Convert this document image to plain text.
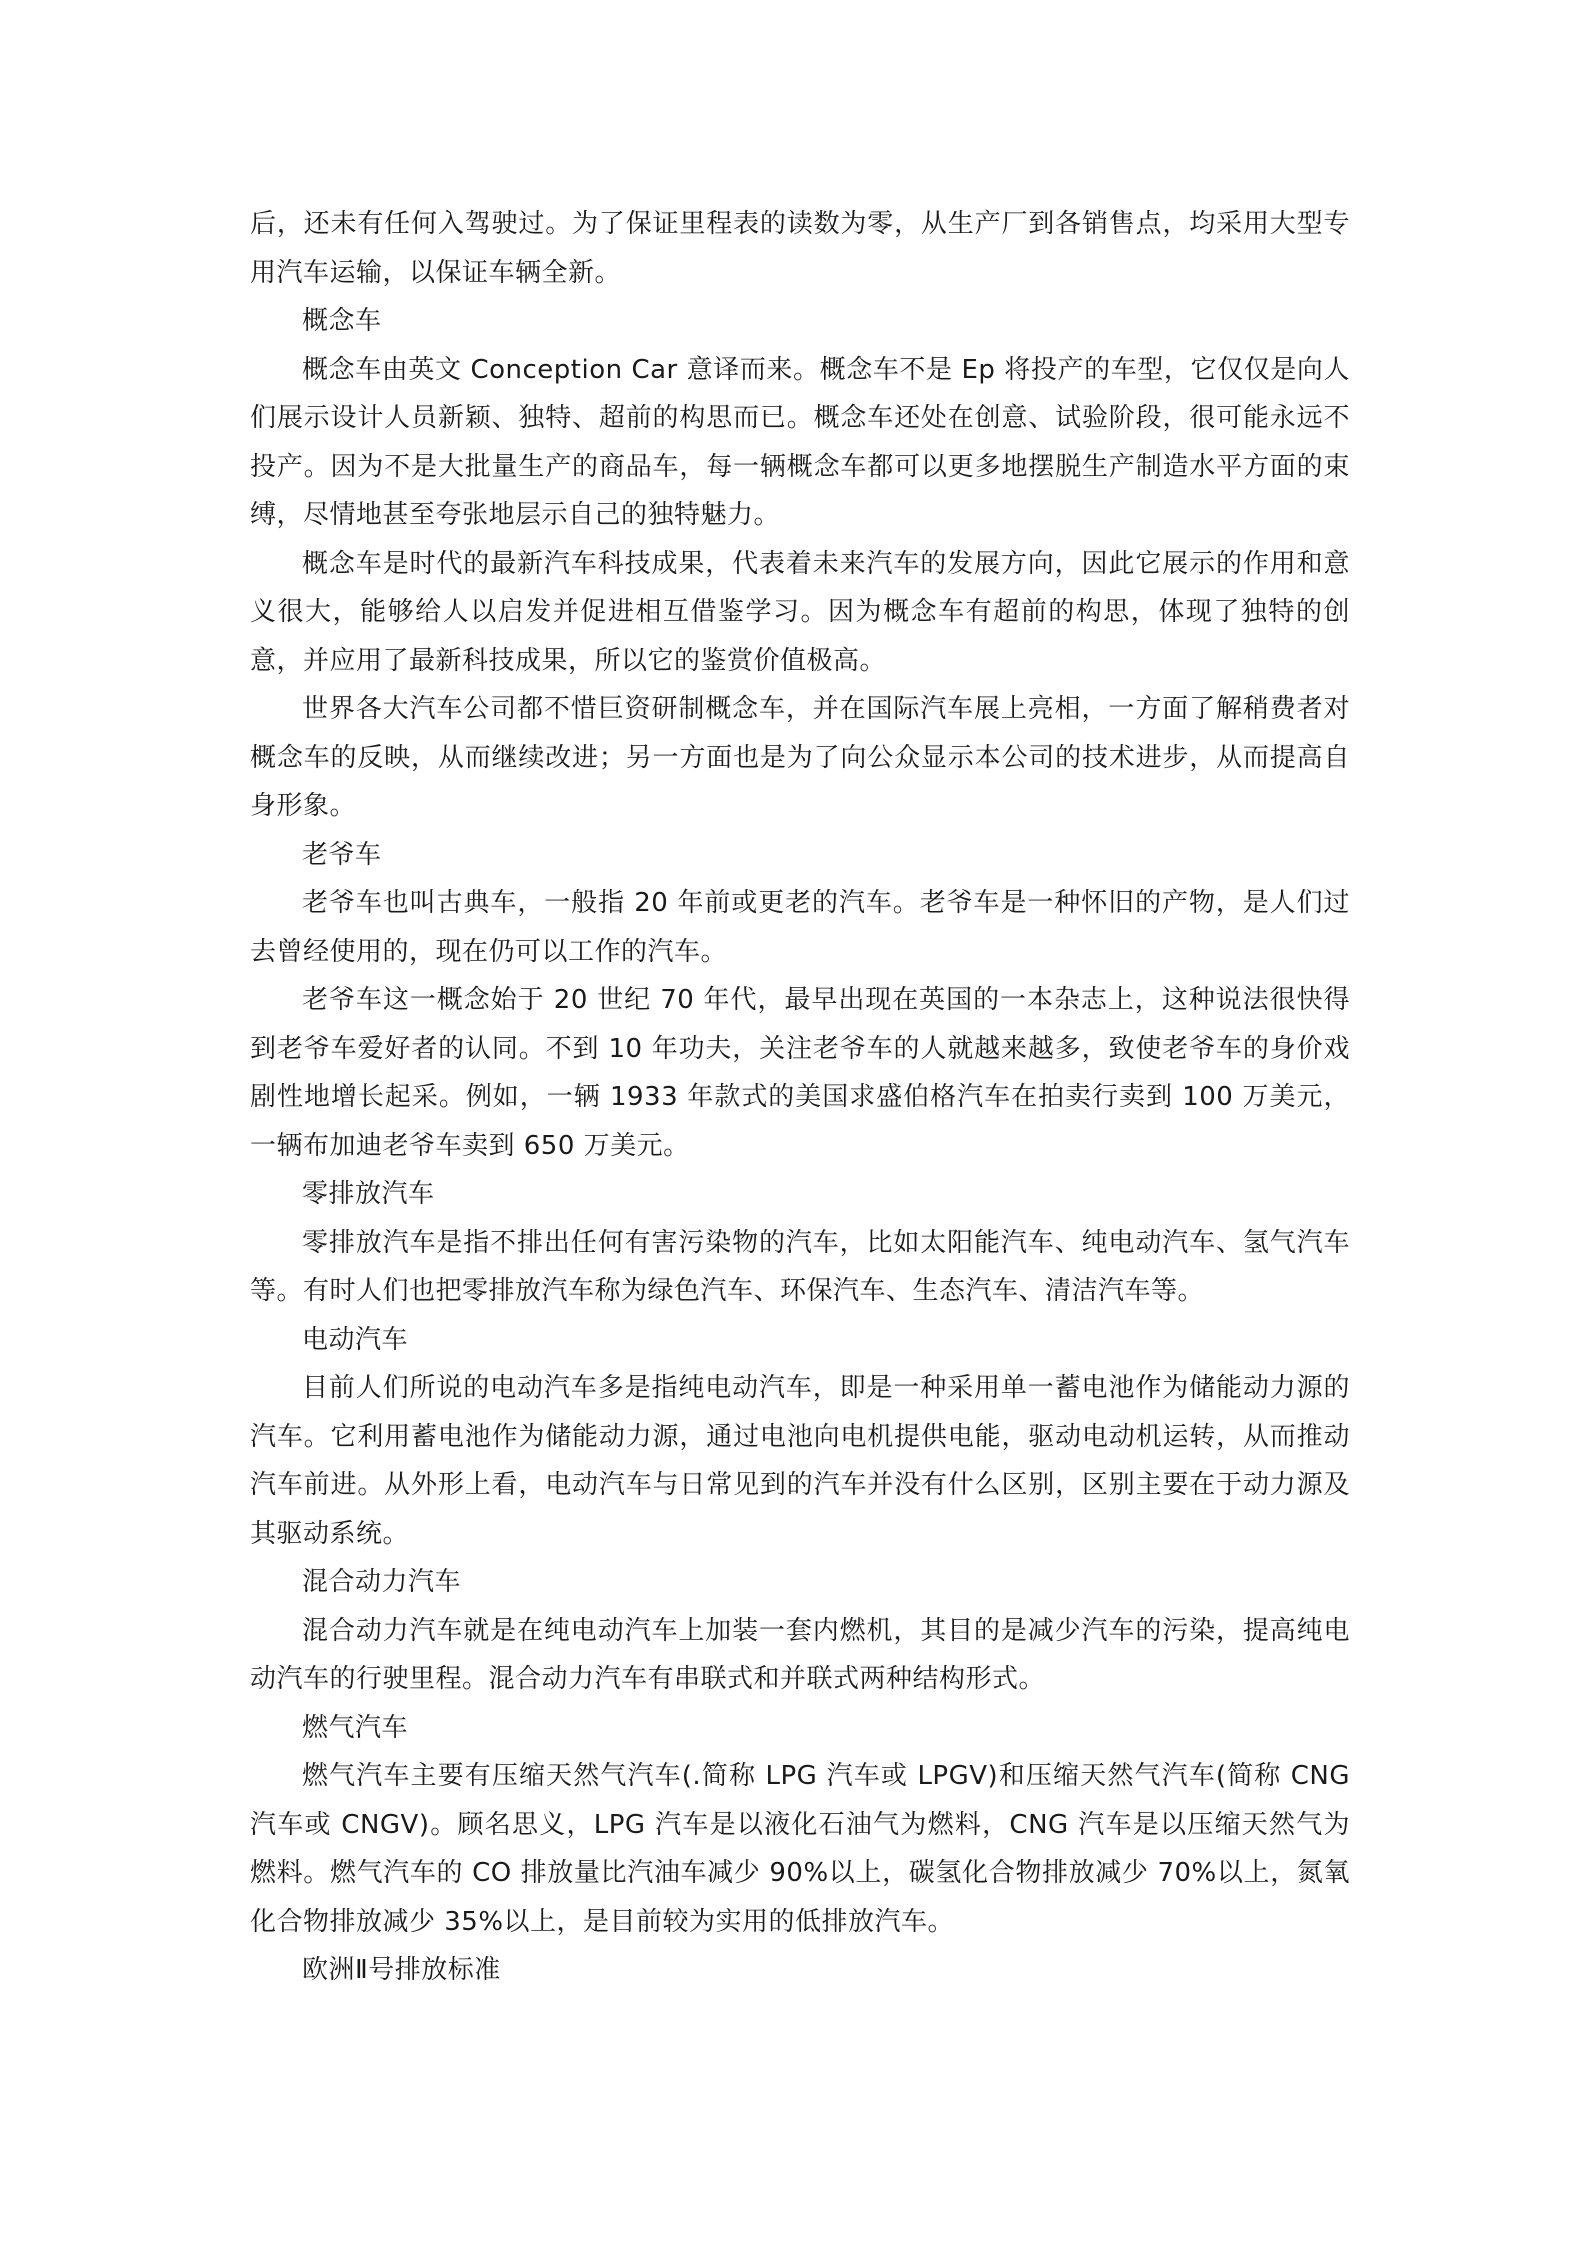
后，还未有任何入驾驶过。为了保证里程表的读数为零，从生产厂到各销售点，均采用大型专用汽车运输，以保证车辆全新。

概念车

概念车由英文 Conception Car 意译而来。概念车不是 Ep 将投产的车型，它仅仅是向人们展示设计人员新颖、独特、超前的构思而已。概念车还处在创意、试验阶段，很可能永远不投产。因为不是大批量生产的商品车，每一辆概念车都可以更多地摆脱生产制造水平方面的束缚，尽情地甚至夸张地层示自己的独特魅力。

概念车是时代的最新汽车科技成果，代表着未来汽车的发展方向，因此它展示的作用和意义很大，能够给人以启发并促进相互借鉴学习。因为概念车有超前的构思，体现了独特的创意，并应用了最新科技成果，所以它的鉴赏价值极高。

世界各大汽车公司都不惜巨资研制概念车，并在国际汽车展上亮相，一方面了解稍费者对概念车的反映，从而继续改进；另一方面也是为了向公众显示本公司的技术进步，从而提高自身形象。

老爷车

老爷车也叫古典车，一般指 20 年前或更老的汽车。老爷车是一种怀旧的产物，是人们过去曾经使用的，现在仍可以工作的汽车。

老爷车这一概念始于 20 世纪 70 年代，最早出现在英国的一本杂志上，这种说法很快得到老爷车爱好者的认同。不到 10 年功夫，关注老爷车的人就越来越多，致使老爷车的身价戏剧性地增长起采。例如，一辆 1933 年款式的美国求盛伯格汽车在拍卖行卖到 100 万美元，一辆布加迪老爷车卖到 650 万美元。

零排放汽车

零排放汽车是指不排出任何有害污染物的汽车，比如太阳能汽车、纯电动汽车、氢气汽车等。有时人们也把零排放汽车称为绿色汽车、环保汽车、生态汽车、清洁汽车等。

电动汽车

目前人们所说的电动汽车多是指纯电动汽车，即是一种采用单一蓄电池作为储能动力源的汽车。它利用蓄电池作为储能动力源，通过电池向电机提供电能，驱动电动机运转，从而推动汽车前进。从外形上看，电动汽车与日常见到的汽车并没有什么区别，区别主要在于动力源及其驱动系统。

混合动力汽车

混合动力汽车就是在纯电动汽车上加装一套内燃机，其目的是减少汽车的污染，提高纯电动汽车的行驶里程。混合动力汽车有串联式和并联式两种结构形式。

燃气汽车

燃气汽车主要有压缩天然气汽车(.简称 LPG 汽车或 LPGV)和压缩天然气汽车(简称 CNG 汽车或 CNGV)。顾名思义，LPG 汽车是以液化石油气为燃料，CNG 汽车是以压缩天然气为燃料。燃气汽车的 CO 排放量比汽油车减少 90%以上，碳氢化合物排放减少 70%以上，氮氧化合物排放减少 35%以上，是目前较为实用的低排放汽车。

欧洲Ⅱ号排放标准
